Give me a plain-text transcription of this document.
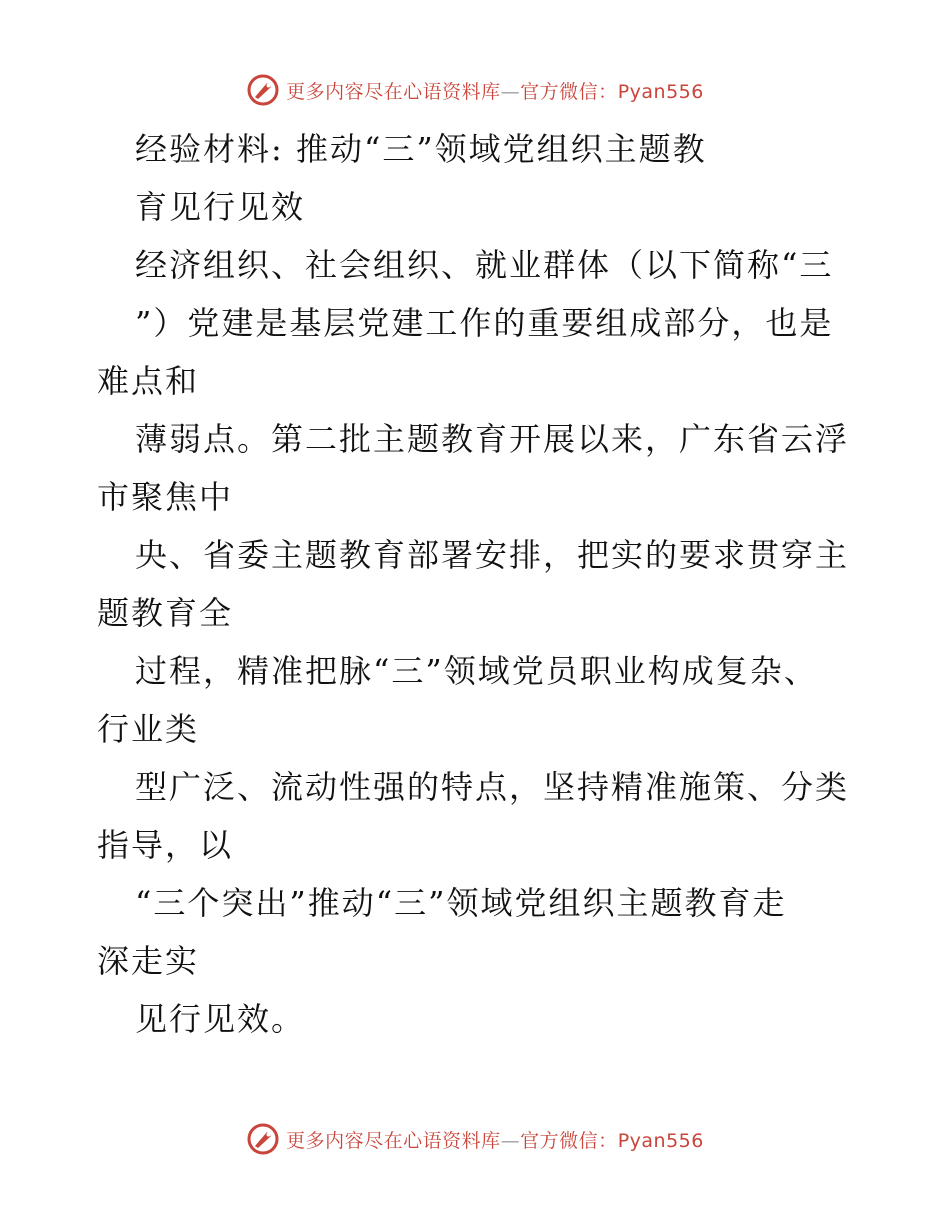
更多内容尽在心语资料库—官方微信：Pyan556
经验材料: 推动“三”领域党组织主题教
育见行见效
经济组织、社会组织、就业群体（以下简称“三
”）党建是基层党建工作的重要组成部分，也是
难点和
薄弱点。第二批主题教育开展以来，广东省云浮
市聚焦中
央、省委主题教育部署安排，把实的要求贯穿主
题教育全
过程，精准把脉“三”领域党员职业构成复杂、
行业类
型广泛、流动性强的特点，坚持精准施策、分类
指导，以
“三个突出”推动“三”领域党组织主题教育走
深走实
见行见效。
更多内容尽在心语资料库—官方微信：Pyan556
